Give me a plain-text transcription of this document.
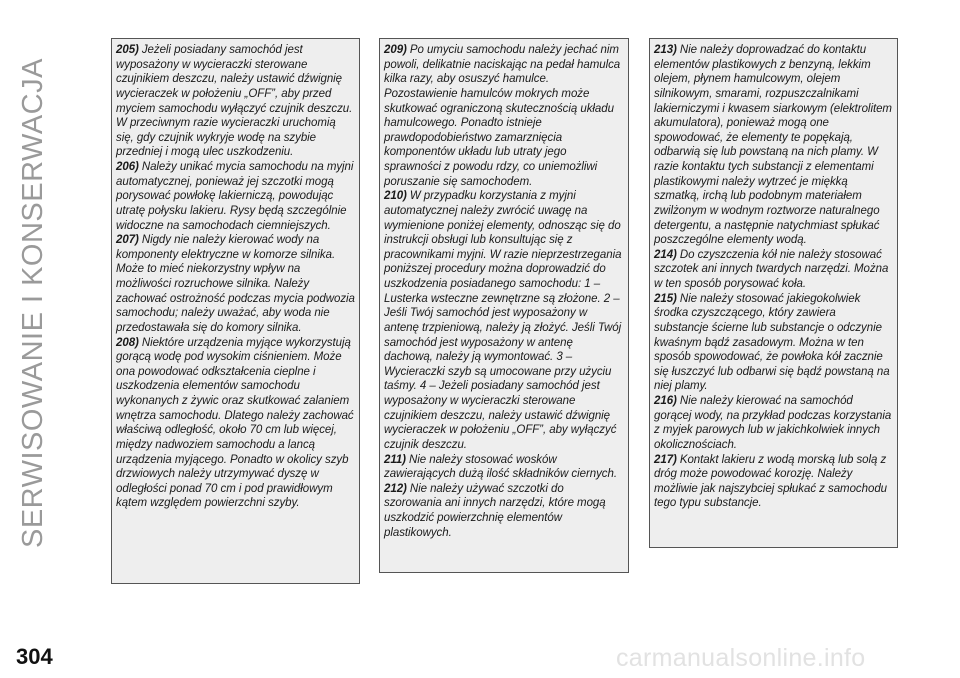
SERWISOWANIE I KONSERWACJA

205) Jeżeli posiadany samochód jest wyposażony w wycieraczki sterowane czujnikiem deszczu, należy ustawić dźwignię wycieraczek w położeniu „OFF”, aby przed myciem samochodu wyłączyć czujnik deszczu. W przeciwnym razie wycieraczki uruchomią się, gdy czujnik wykryje wodę na szybie przedniej i mogą ulec uszkodzeniu.

206) Należy unikać mycia samochodu na myjni automatycznej, ponieważ jej szczotki mogą porysować powłokę lakierniczą, powodując utratę połysku lakieru. Rysy będą szczególnie widoczne na samochodach ciemniejszych.

207) Nigdy nie należy kierować wody na komponenty elektryczne w komorze silnika. Może to mieć niekorzystny wpływ na możliwości rozruchowe silnika. Należy zachować ostrożność podczas mycia podwozia samochodu; należy uważać, aby woda nie przedostawała się do komory silnika.

208) Niektóre urządzenia myjące wykorzystują gorącą wodę pod wysokim ciśnieniem. Może ona powodować odkształcenia cieplne i uszkodzenia elementów samochodu wykonanych z żywic oraz skutkować zalaniem wnętrza samochodu. Dlatego należy zachować właściwą odległość, około 70 cm lub więcej, między nadwoziem samochodu a lancą urządzenia myjącego. Ponadto w okolicy szyb drzwiowych należy utrzymywać dyszę w odległości ponad 70 cm i pod prawidłowym kątem względem powierzchni szyby.

209) Po umyciu samochodu należy jechać nim powoli, delikatnie naciskając na pedał hamulca kilka razy, aby osuszyć hamulce. Pozostawienie hamulców mokrych może skutkować ograniczoną skutecznością układu hamulcowego. Ponadto istnieje prawdopodobieństwo zamarznięcia komponentów układu lub utraty jego sprawności z powodu rdzy, co uniemożliwi poruszanie się samochodem.

210) W przypadku korzystania z myjni automatycznej należy zwrócić uwagę na wymienione poniżej elementy, odnosząc się do instrukcji obsługi lub konsultując się z pracownikami myjni. W razie nieprzestrzegania poniższej procedury można doprowadzić do uszkodzenia posiadanego samochodu: 1 – Lusterka wsteczne zewnętrzne są złożone. 2 – Jeśli Twój samochód jest wyposażony w antenę trzpieniową, należy ją złożyć. Jeśli Twój samochód jest wyposażony w antenę dachową, należy ją wymontować. 3 – Wycieraczki szyb są umocowane przy użyciu taśmy. 4 – Jeżeli posiadany samochód jest wyposażony w wycieraczki sterowane czujnikiem deszczu, należy ustawić dźwignię wycieraczek w położeniu „OFF”, aby wyłączyć czujnik deszczu.

211) Nie należy stosować wosków zawierających dużą ilość składników ciernych.

212) Nie należy używać szczotki do szorowania ani innych narzędzi, które mogą uszkodzić powierzchnię elementów plastikowych.

213) Nie należy doprowadzać do kontaktu elementów plastikowych z benzyną, lekkim olejem, płynem hamulcowym, olejem silnikowym, smarami, rozpuszczalnikami lakierniczymi i kwasem siarkowym (elektrolitem akumulatora), ponieważ mogą one spowodować, że elementy te popękają, odbarwią się lub powstaną na nich plamy. W razie kontaktu tych substancji z elementami plastikowymi należy wytrzeć je miękką szmatką, irchą lub podobnym materiałem zwilżonym w wodnym roztworze naturalnego detergentu, a następnie natychmiast spłukać poszczególne elementy wodą.

214) Do czyszczenia kół nie należy stosować szczotek ani innych twardych narzędzi. Można w ten sposób porysować koła.

215) Nie należy stosować jakiegokolwiek środka czyszczącego, który zawiera substancje ścierne lub substancje o odczynie kwaśnym bądź zasadowym. Można w ten sposób spowodować, że powłoka kół zacznie się łuszczyć lub odbarwi się bądź powstaną na niej plamy.

216) Nie należy kierować na samochód gorącej wody, na przykład podczas korzystania z myjek parowych lub w jakichkolwiek innych okolicznościach.

217) Kontakt lakieru z wodą morską lub solą z dróg może powodować korozję. Należy możliwie jak najszybciej spłukać z samochodu tego typu substancje.

304	carmanualsonline.info
